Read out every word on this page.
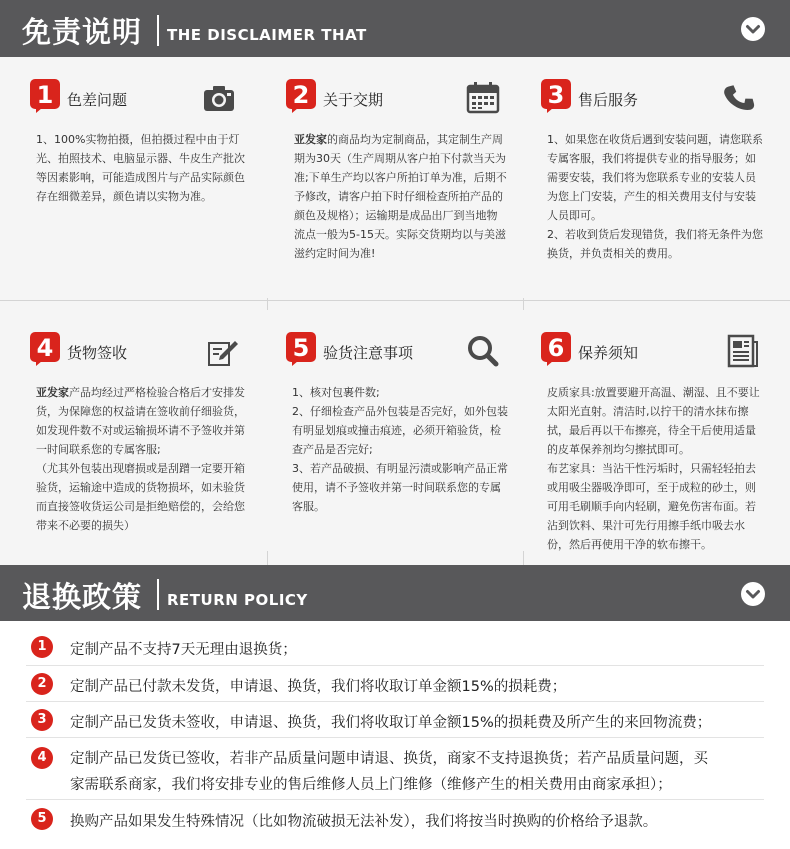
免责说明 THE DISCLAIMER THAT
1 色差问题
1、100%实物拍摄，但拍摄过程中由于灯光、拍照技术、电脑显示器、牛皮生产批次等因素影响，可能造成图片与产品实际颜色存在细微差异，颜色请以实物为准。
2 关于交期
亚发家的商品均为定制商品，其定制生产周期为30天（生产周期从客户拍下付款当天为准;下单生产均以客户所拍订单为准，后期不予修改，请客户拍下时仔细检查所拍产品的颜色及规格）；运输期是成品出厂到当地物流点一般为5-15天。实际交货期均以与美滋滋约定时间为准!
3 售后服务
1、如果您在收货后遇到安装问题，请您联系专属客服，我们将提供专业的指导服务；如需要安装，我们将为您联系专业的安装人员为您上门安装，产生的相关费用支付与安装人员即可。
2、若收到货后发现错货，我们将无条件为您换货，并负责相关的费用。
4 货物签收
亚发家产品均经过严格检验合格后才安排发货，为保障您的权益请在签收前仔细验货，如发现件数不对或运输损坏请不予签收并第一时间联系您的专属客服;
（尤其外包装出现磨损或是刮蹭一定要开箱验货，运输途中造成的货物损坏，如未验货而直接签收货运公司是拒绝赔偿的，会给您带来不必要的损失）
5 验货注意事项
1、核对包裹件数;
2、仔细检查产品外包装是否完好，如外包装有明显划痕或撞击痕迹，必须开箱验货，检查产品是否完好;
3、若产品破损、有明显污渍或影响产品正常使用，请不予签收并第一时间联系您的专属客服。
6 保养须知
皮质家具:放置要避开高温、潮湿、且不要让太阳光直射。清洁时,以拧干的清水抹布擦拭，最后再以干布擦亮，待全干后使用适量的皮革保养剂均匀擦拭即可。
布艺家具：当沾干性污垢时，只需轻轻拍去或用吸尘器吸净即可，至于成粒的砂土，则可用毛刷顺手向内轻刷，避免伤害布面。若沾到饮料、果汁可先行用擦手纸巾吸去水份，然后再使用干净的软布擦干。
退换政策 RETURN POLICY
1	定制产品不支持7天无理由退换货；
2	定制产品已付款未发货，申请退、换货，我们将收取订单金额15%的损耗费；
3	定制产品已发货未签收，申请退、换货，我们将收取订单金额15%的损耗费及所产生的来回物流费；
4	定制产品已发货已签收，若非产品质量问题申请退、换货，商家不支持退换货；若产品质量问题，买
家需联系商家，我们将安排专业的售后维修人员上门维修（维修产生的相关费用由商家承担）；
5	换购产品如果发生特殊情况（比如物流破损无法补发），我们将按当时换购的价格给予退款。
